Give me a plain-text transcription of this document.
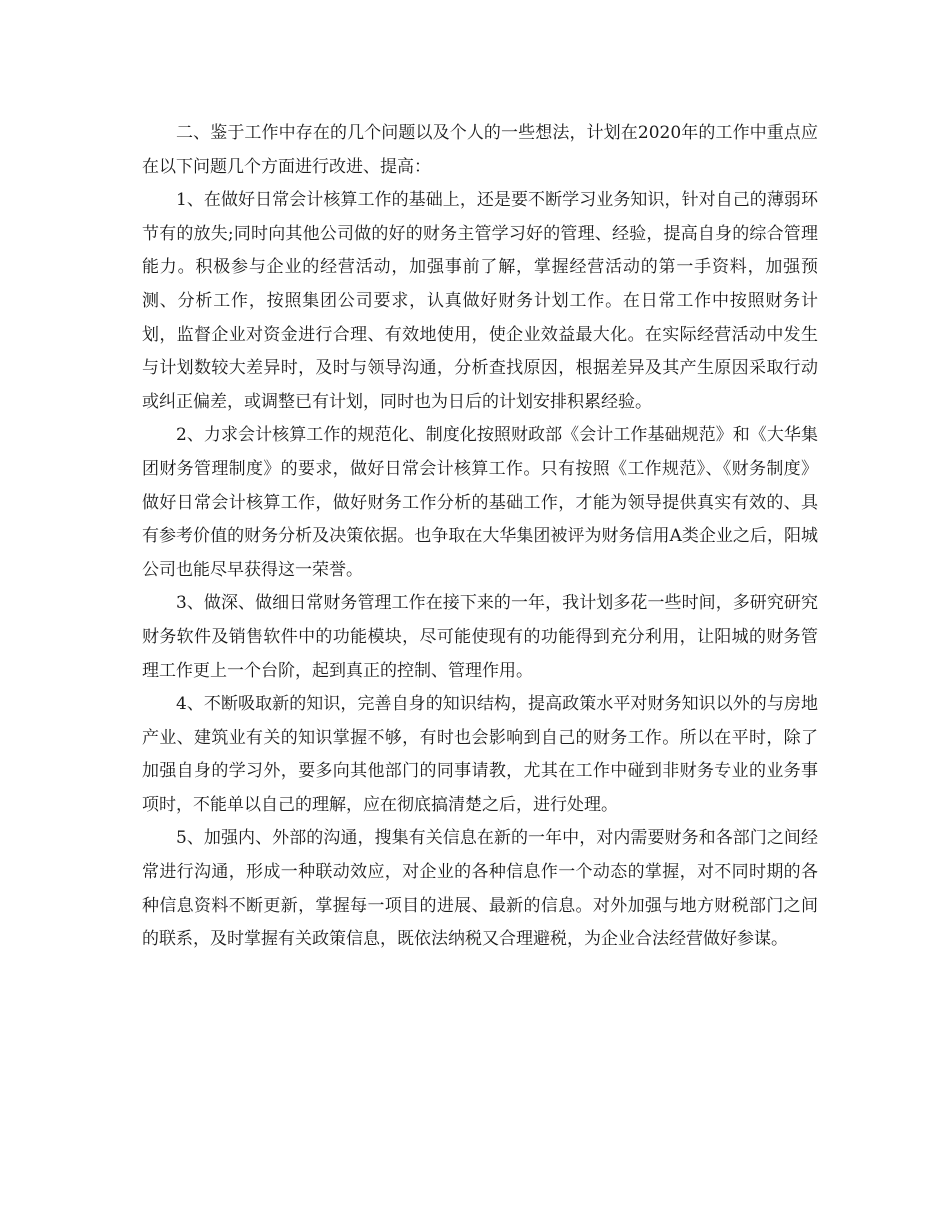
二、鉴于工作中存在的几个问题以及个人的一些想法，计划在2020年的工作中重点应在以下问题几个方面进行改进、提高：

1、在做好日常会计核算工作的基础上，还是要不断学习业务知识，针对自己的薄弱环节有的放失;同时向其他公司做的好的财务主管学习好的管理、经验，提高自身的综合管理能力。积极参与企业的经营活动，加强事前了解，掌握经营活动的第一手资料，加强预测、分析工作，按照集团公司要求，认真做好财务计划工作。在日常工作中按照财务计划，监督企业对资金进行合理、有效地使用，使企业效益最大化。在实际经营活动中发生与计划数较大差异时，及时与领导沟通，分析查找原因，根据差异及其产生原因采取行动或纠正偏差，或调整已有计划，同时也为日后的计划安排积累经验。

2、力求会计核算工作的规范化、制度化按照财政部《会计工作基础规范》和《大华集团财务管理制度》的要求，做好日常会计核算工作。只有按照《工作规范》、《财务制度》做好日常会计核算工作，做好财务工作分析的基础工作，才能为领导提供真实有效的、具有参考价值的财务分析及决策依据。也争取在大华集团被评为财务信用A类企业之后，阳城公司也能尽早获得这一荣誉。

3、做深、做细日常财务管理工作在接下来的一年，我计划多花一些时间，多研究研究财务软件及销售软件中的功能模块，尽可能使现有的功能得到充分利用，让阳城的财务管理工作更上一个台阶，起到真正的控制、管理作用。

4、不断吸取新的知识，完善自身的知识结构，提高政策水平对财务知识以外的与房地产业、建筑业有关的知识掌握不够，有时也会影响到自己的财务工作。所以在平时，除了加强自身的学习外，要多向其他部门的同事请教，尤其在工作中碰到非财务专业的业务事项时，不能单以自己的理解，应在彻底搞清楚之后，进行处理。

5、加强内、外部的沟通，搜集有关信息在新的一年中，对内需要财务和各部门之间经常进行沟通，形成一种联动效应，对企业的各种信息作一个动态的掌握，对不同时期的各种信息资料不断更新，掌握每一项目的进展、最新的信息。对外加强与地方财税部门之间的联系，及时掌握有关政策信息，既依法纳税又合理避税，为企业合法经营做好参谋。
